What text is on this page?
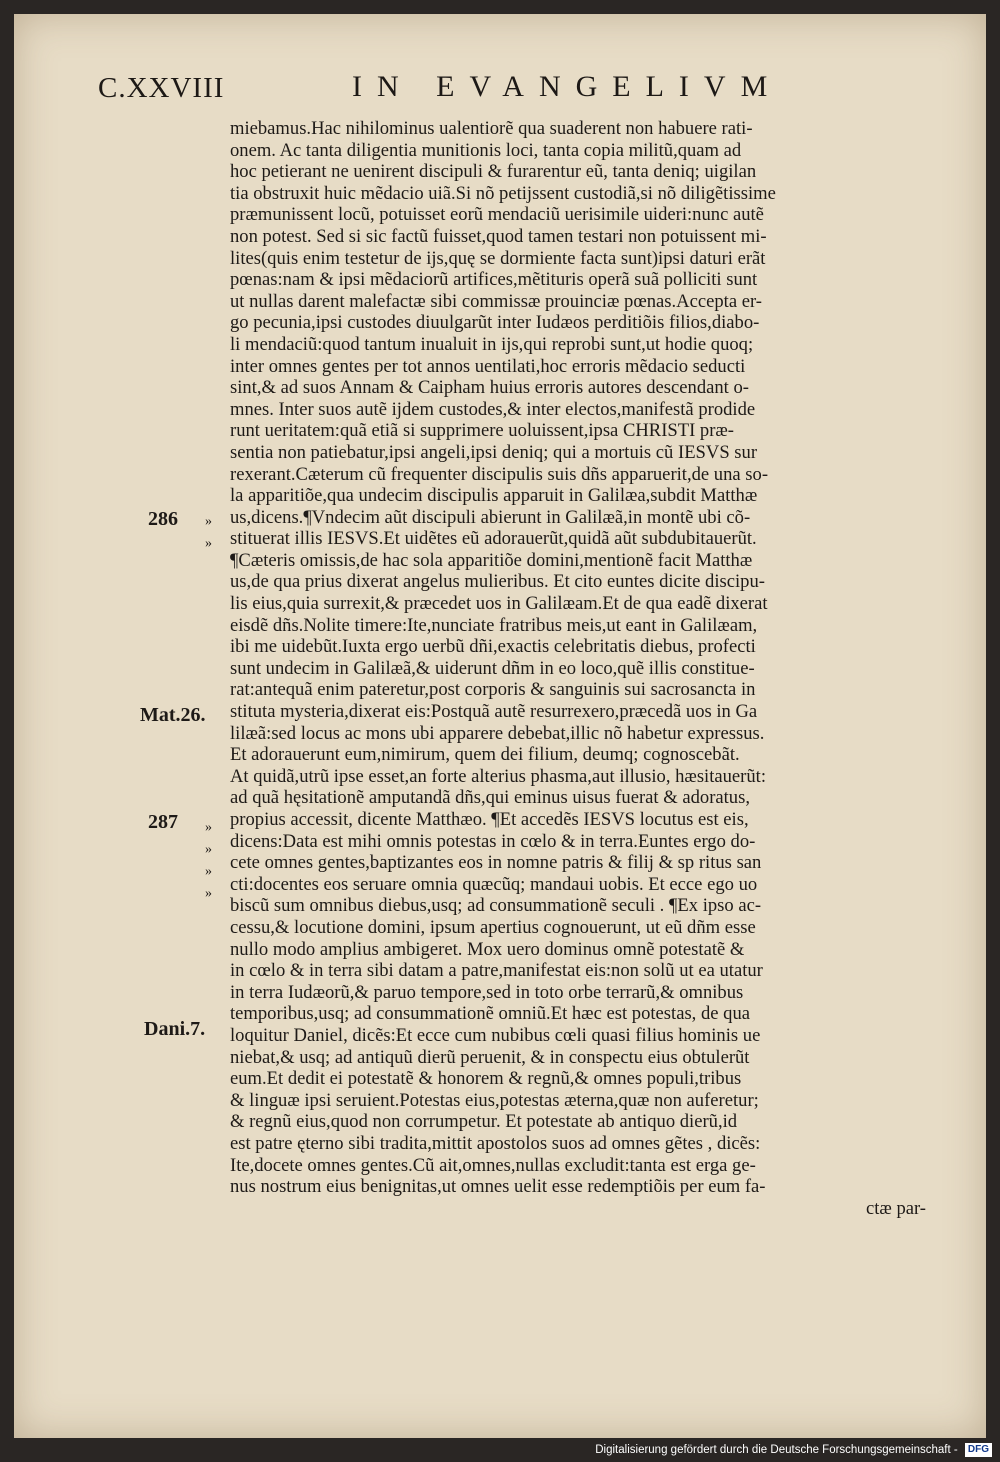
C.XXVIII	IN EVANGELIVM
286
Mat.26.
287
Dani.7.
»
»
»
»
»
»
miebamus.Hac nihilominus ualentiorẽ qua suaderent non habuere rati-
onem. Ac tanta diligentia munitionis loci, tanta copia militũ,quam ad
hoc petierant ne uenirent discipuli & furarentur eũ, tanta deniq; uigilan
tia obstruxit huic mẽdacio uiã.Si nõ petijssent custodiã,si nõ diligẽtissime
præmunissent locũ, potuisset eorũ mendaciũ uerisimile uideri:nunc autẽ
non potest. Sed si sic factũ fuisset,quod tamen testari non potuissent mi-
lites(quis enim testetur de ijs,quę se dormiente facta sunt)ipsi daturi erãt
pœnas:nam & ipsi mẽdaciorũ artifices,mẽtituris operã suã polliciti sunt
ut nullas darent malefactæ sibi commissæ prouinciæ pœnas.Accepta er-
go pecunia,ipsi custodes diuulgarũt inter Iudæos perditiõis filios,diabo-
li mendaciũ:quod tantum inualuit in ijs,qui reprobi sunt,ut hodie quoq;
inter omnes gentes per tot annos uentilati,hoc erroris mẽdacio seducti
sint,& ad suos Annam & Caipham huius erroris autores descendant o-
mnes. Inter suos autẽ ijdem custodes,& inter electos,manifestã prodide
runt ueritatem:quã etiã si supprimere uoluissent,ipsa CHRISTI præ-
sentia non patiebatur,ipsi angeli,ipsi deniq; qui a mortuis cũ IESVS sur
rexerant.Cæterum cũ frequenter discipulis suis dñs apparuerit,de una so-
la apparitiõe,qua undecim discipulis apparuit in Galilæa,subdit Matthæ
us,dicens.¶Vndecim aũt discipuli abierunt in Galilæã,in montẽ ubi cõ-
stituerat illis IESVS.Et uidẽtes eũ adorauerũt,quidã aũt subdubitauerũt.
¶Cæteris omissis,de hac sola apparitiõe domini,mentionẽ facit Matthæ
us,de qua prius dixerat angelus mulieribus. Et cito euntes dicite discipu-
lis eius,quia surrexit,& præcedet uos in Galilæam.Et de qua eadẽ dixerat
eisdẽ dñs.Nolite timere:Ite,nunciate fratribus meis,ut eant in Galilæam,
ibi me uidebũt.Iuxta ergo uerbũ dñi,exactis celebritatis diebus, profecti
sunt undecim in Galilæã,& uiderunt dñm in eo loco,quẽ illis constitue-
rat:antequã enim pateretur,post corporis & sanguinis sui sacrosancta in
stituta mysteria,dixerat eis:Postquã autẽ resurrexero,præcedã uos in Ga
lilæã:sed locus ac mons ubi apparere debebat,illic nõ habetur expressus.
Et adorauerunt eum,nimirum, quem dei filium, deumq; cognoscebãt.
At quidã,utrũ ipse esset,an forte alterius phasma,aut illusio, hæsitauerũt:
ad quã hęsitationẽ amputandã dñs,qui eminus uisus fuerat & adoratus,
propius accessit, dicente Matthæo. ¶Et accedẽs IESVS locutus est eis,
dicens:Data est mihi omnis potestas in cœlo & in terra.Euntes ergo do-
cete omnes gentes,baptizantes eos in nomne patris & filij & sp ritus san
cti:docentes eos seruare omnia quæcũq; mandaui uobis. Et ecce ego uo
biscũ sum omnibus diebus,usq; ad consummationẽ seculi . ¶Ex ipso ac-
cessu,& locutione domini, ipsum apertius cognouerunt, ut eũ dñm esse
nullo modo amplius ambigeret. Mox uero dominus omnẽ potestatẽ &
in cœlo & in terra sibi datam a patre,manifestat eis:non solũ ut ea utatur
in terra Iudæorũ,& paruo tempore,sed in toto orbe terrarũ,& omnibus
temporibus,usq; ad consummationẽ omniũ.Et hæc est potestas, de qua
loquitur Daniel, dicẽs:Et ecce cum nubibus cœli quasi filius hominis ue
niebat,& usq; ad antiquũ dierũ peruenit, & in conspectu eius obtulerũt
eum.Et dedit ei potestatẽ & honorem & regnũ,& omnes populi,tribus
& linguæ ipsi seruient.Potestas eius,potestas æterna,quæ non auferetur;
& regnũ eius,quod non corrumpetur. Et potestate ab antiquo dierũ,id
est patre ęterno sibi tradita,mittit apostolos suos ad omnes gẽtes , dicẽs:
Ite,docete omnes gentes.Cũ ait,omnes,nullas excludit:tanta est erga ge-
nus nostrum eius benignitas,ut omnes uelit esse redemptiõis per eum fa-
ctæ par-
Digitalisierung gefördert durch die Deutsche Forschungsgemeinschaft - DFG
